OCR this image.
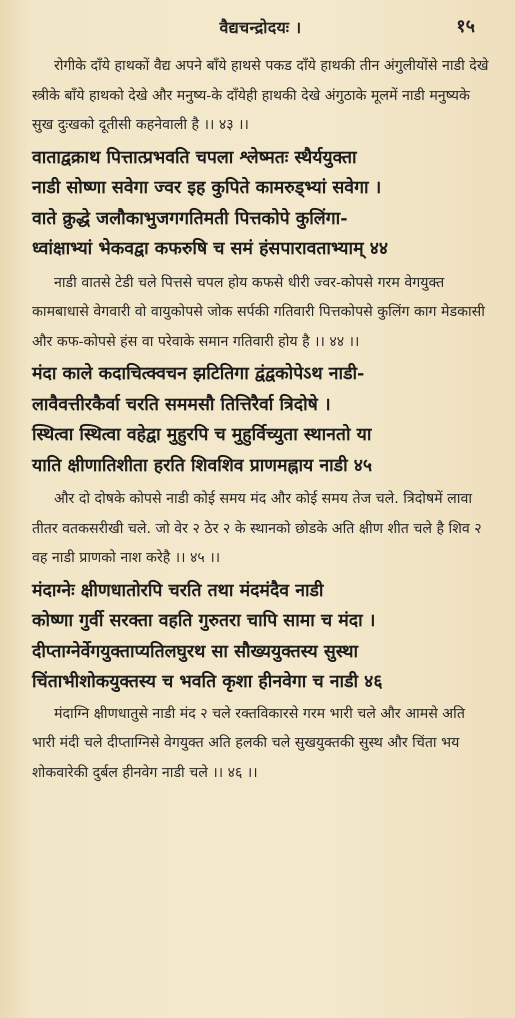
वैद्यचन्द्रोदयः ।	१५

रोगीके दाँये हाथकों वैद्य अपने बाँये हाथसे पकड दाँये हाथकी तीन अंगुलीयोंसे नाडी देखे स्त्रीके बाँये हाथको देखे और मनुष्य-के दाँयेही हाथकी देखे अंगुठाके मूलमें नाडी मनुष्यके सुख दुःखको दूतीसी कहनेवाली है ।। ४३ ।।

वाताद्वक्राथ पित्तात्प्रभवति चपला श्लेष्मतः स्थैर्ययुक्ता
नाडी सोष्णा सवेगा ज्वर इह कुपिते कामरुड्भ्यां सवेगा ।
वाते क्रुद्धे जलौकाभुजगगतिमती पित्तकोपे कुलिंगा-
ध्वांक्षाभ्यां भेकवद्वा कफरुषि च समं हंसपारावताभ्याम् ४४

नाडी वातसे टेडी चले पित्तसे चपल होय कफसे धीरी ज्वर-कोपसे गरम वेगयुक्त कामबाधासे वेगवारी वो वायुकोपसे जोक सर्पकी गतिवारी पित्तकोपसे कुलिंग काग मेडकासी और कफ-कोपसे हंस वा परेवाके समान गतिवारी होय है ।। ४४ ।।

मंदा काले कदाचित्क्वचन झटितिगा द्वंद्वकोपेऽथ नाडी-
लावैवत्तीरकैर्वा चरति सममसौ तित्तिरैर्वा त्रिदोषे ।
स्थित्वा स्थित्वा वहेद्वा मुहुरपि च मुहुर्विच्युता स्थानतो या
याति क्षीणातिशीता हरति शिवशिव प्राणमह्नाय नाडी ४५

और दो दोषके कोपसे नाडी कोई समय मंद और कोई समय तेज चले. त्रिदोषमें लावा तीतर वतकसरीखी चले. जो वेर २ ठेर २ के स्थानको छोडके अति क्षीण शीत चले है शिव २ वह नाडी प्राणको नाश करेहै ।। ४५ ।।

मंदाग्नेः क्षीणधातोरपि चरति तथा मंदमंदैव नाडी
कोष्णा गुर्वी सरक्ता वहति गुरुतरा चापि सामा च मंदा ।
दीप्ताग्नेर्वेगयुक्ताप्यतिलघुरथ सा सौख्ययुक्तस्य सुस्था
चिंताभीशोकयुक्तस्य च भवति कृशा हीनवेगा च नाडी ४६

मंदाग्नि क्षीणधातुसे नाडी मंद २ चले रक्तविकारसे गरम भारी चले और आमसे अति भारी मंदी चले दीप्ताग्निसे वेगयुक्त अति हलकी चले सुखयुक्तकी सुस्थ और चिंता भय शोकवारेकी दुर्बल हीनवेग नाडी चले ।। ४६ ।।
